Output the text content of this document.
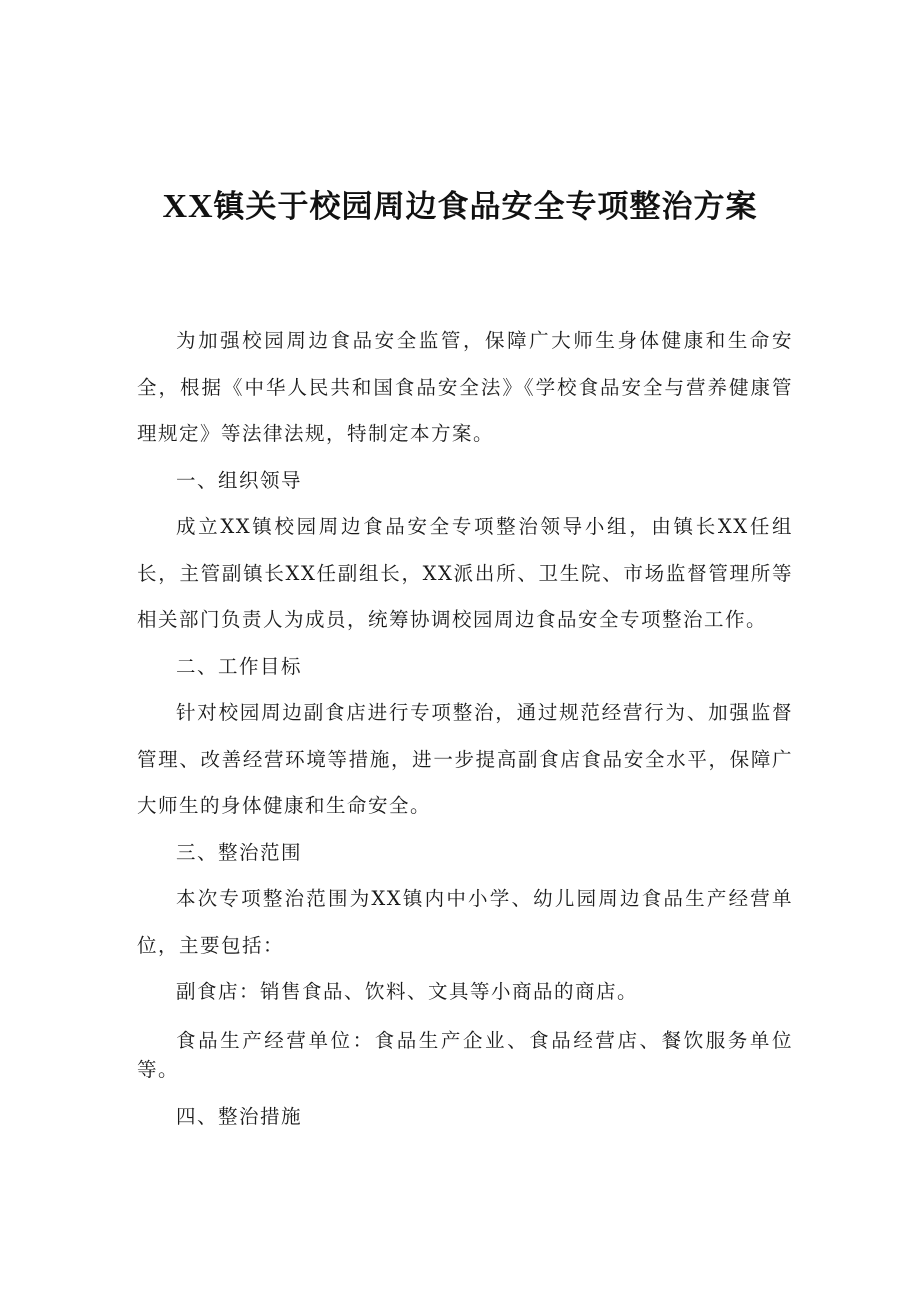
XX镇关于校园周边食品安全专项整治方案

为加强校园周边食品安全监管，保障广大师生身体健康和生命安全，根据《中华人民共和国食品安全法》《学校食品安全与营养健康管理规定》等法律法规，特制定本方案。

一、组织领导

成立XX镇校园周边食品安全专项整治领导小组，由镇长XX任组长，主管副镇长XX任副组长，XX派出所、卫生院、市场监督管理所等相关部门负责人为成员，统筹协调校园周边食品安全专项整治工作。

二、工作目标

针对校园周边副食店进行专项整治，通过规范经营行为、加强监督管理、改善经营环境等措施，进一步提高副食店食品安全水平，保障广大师生的身体健康和生命安全。

三、整治范围

本次专项整治范围为XX镇内中小学、幼儿园周边食品生产经营单位，主要包括：

副食店：销售食品、饮料、文具等小商品的商店。

食品生产经营单位：食品生产企业、食品经营店、餐饮服务单位等。

四、整治措施
